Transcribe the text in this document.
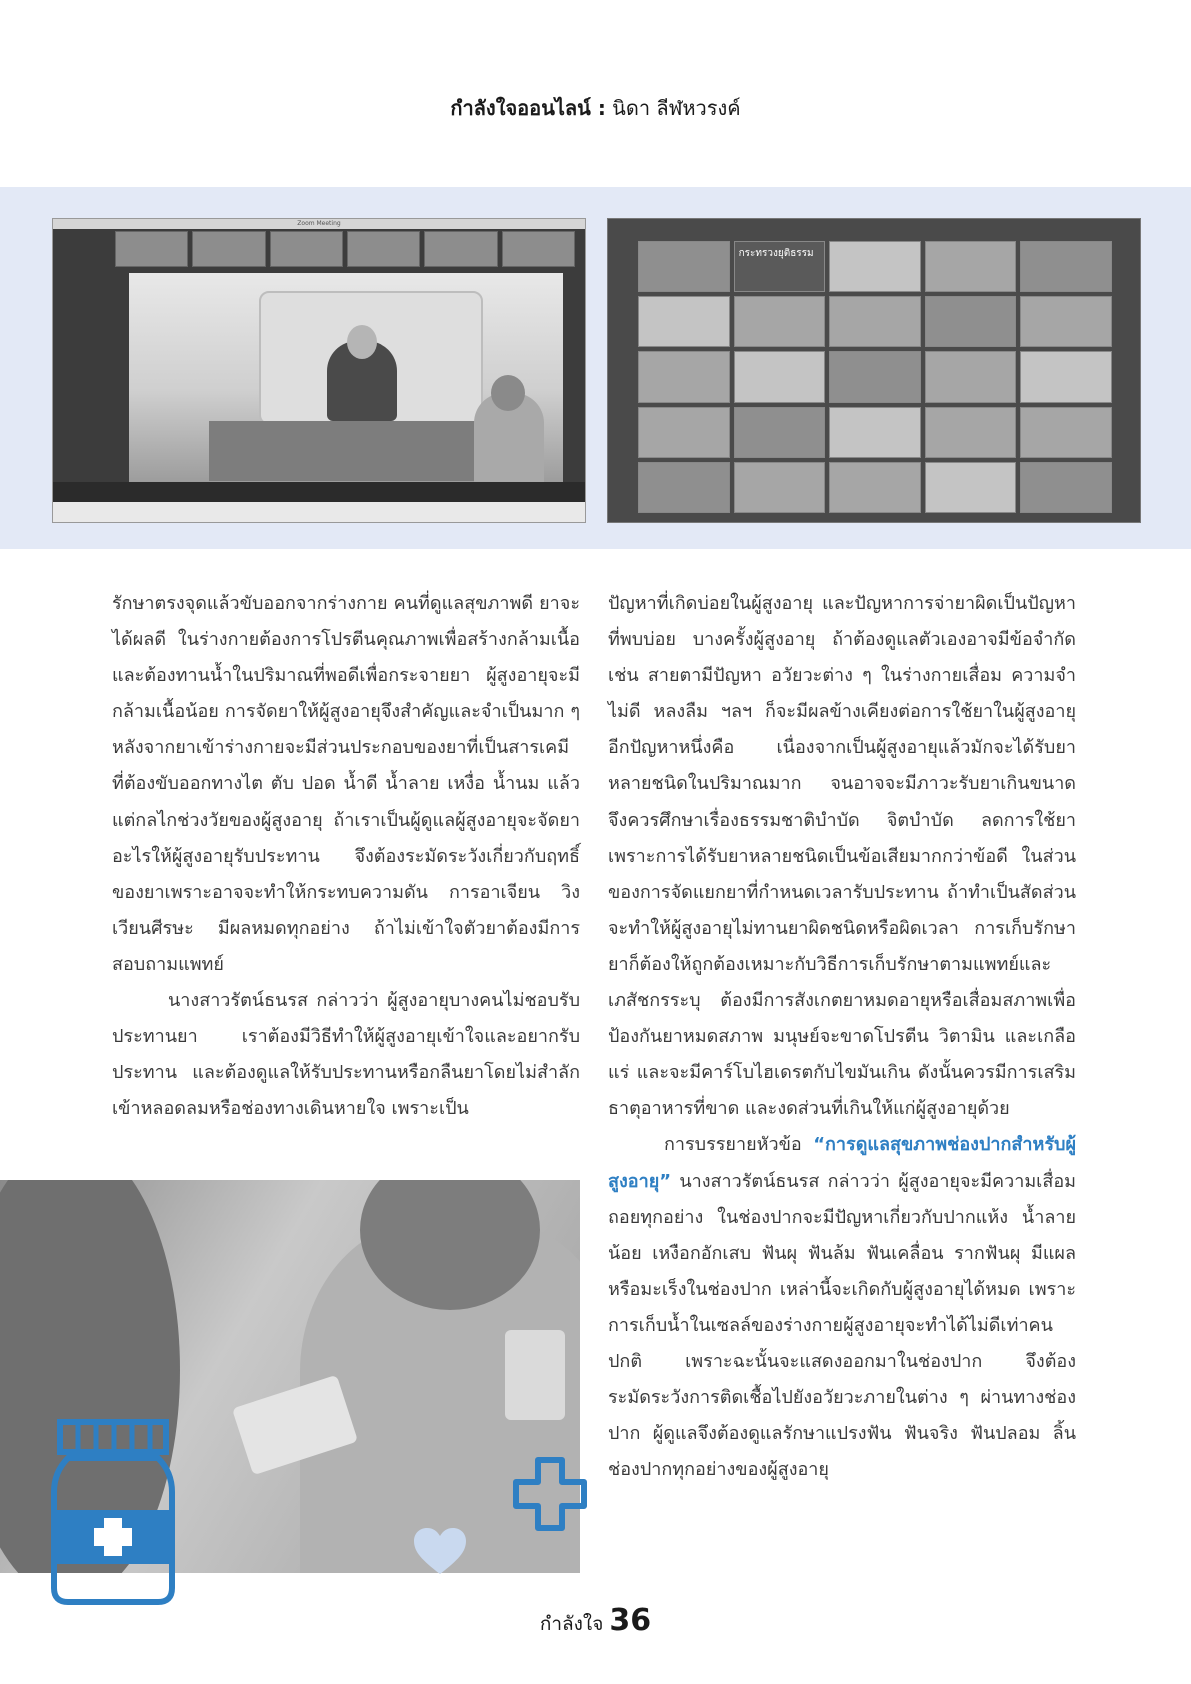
กำลังใจออนไลน์ : นิดา ลีฬหวรงค์
Zoom Meeting
กระทรวงยุติธรรม

รักษาตรงจุดแล้วขับออกจากร่างกาย คนที่ดูแลสุขภาพดี ยาจะได้ผลดี ในร่างกายต้องการโปรตีนคุณภาพเพื่อสร้างกล้ามเนื้อ และต้องทานน้ำในปริมาณที่พอดีเพื่อกระจายยา ผู้สูงอายุจะมีกล้ามเนื้อน้อย การจัดยาให้ผู้สูงอายุจึงสำคัญและจำเป็นมาก ๆ หลังจากยาเข้าร่างกายจะมีส่วนประกอบของยาที่เป็นสารเคมีที่ต้องขับออกทางไต ตับ ปอด น้ำดี น้ำลาย เหงื่อ น้ำนม แล้วแต่กลไกช่วงวัยของผู้สูงอายุ ถ้าเราเป็นผู้ดูแลผู้สูงอายุจะจัดยาอะไรให้ผู้สูงอายุรับประทาน จึงต้องระมัดระวังเกี่ยวกับฤทธิ์ของยาเพราะอาจจะทำให้กระทบความดัน การอาเจียน วิงเวียนศีรษะ มีผลหมดทุกอย่าง ถ้าไม่เข้าใจตัวยาต้องมีการสอบถามแพทย์

นางสาวรัตน์ธนรส กล่าวว่า ผู้สูงอายุบางคนไม่ชอบรับประทานยา เราต้องมีวิธีทำให้ผู้สูงอายุเข้าใจและอยากรับประทาน และต้องดูแลให้รับประทานหรือกลืนยาโดยไม่สำลักเข้าหลอดลมหรือช่องทางเดินหายใจ เพราะเป็น

ปัญหาที่เกิดบ่อยในผู้สูงอายุ และปัญหาการจ่ายาผิดเป็นปัญหาที่พบบ่อย บางครั้งผู้สูงอายุ ถ้าต้องดูแลตัวเองอาจมีข้อจำกัด เช่น สายตามีปัญหา อวัยวะต่าง ๆ ในร่างกายเสื่อม ความจำไม่ดี หลงลืม ฯลฯ ก็จะมีผลข้างเคียงต่อการใช้ยาในผู้สูงอายุ อีกปัญหาหนึ่งคือ เนื่องจากเป็นผู้สูงอายุแล้วมักจะได้รับยาหลายชนิดในปริมาณมาก จนอาจจะมีภาวะรับยาเกินขนาด จึงควรศึกษาเรื่องธรรมชาติบำบัด จิตบำบัด ลดการใช้ยา เพราะการได้รับยาหลายชนิดเป็นข้อเสียมากกว่าข้อดี ในส่วนของการจัดแยกยาที่กำหนดเวลารับประทาน ถ้าทำเป็นสัดส่วนจะทำให้ผู้สูงอายุไม่ทานยาผิดชนิดหรือผิดเวลา การเก็บรักษายาก็ต้องให้ถูกต้องเหมาะกับวิธีการเก็บรักษาตามแพทย์และเภสัชกรระบุ ต้องมีการสังเกตยาหมดอายุหรือเสื่อมสภาพเพื่อป้องกันยาหมดสภาพ มนุษย์จะขาดโปรตีน วิตามิน และเกลือแร่ และจะมีคาร์โบไฮเดรตกับไขมันเกิน ดังนั้นควรมีการเสริมธาตุอาหารที่ขาด และงดส่วนที่เกินให้แก่ผู้สูงอายุด้วย

การบรรยายหัวข้อ “การดูแลสุขภาพช่องปากสำหรับผู้สูงอายุ” นางสาวรัตน์ธนรส กล่าวว่า ผู้สูงอายุจะมีความเสื่อมถอยทุกอย่าง ในช่องปากจะมีปัญหาเกี่ยวกับปากแห้ง น้ำลายน้อย เหงือกอักเสบ ฟันผุ ฟันล้ม ฟันเคลื่อน รากฟันผุ มีแผล หรือมะเร็งในช่องปาก เหล่านี้จะเกิดกับผู้สูงอายุได้หมด เพราะการเก็บน้ำในเซลล์ของร่างกายผู้สูงอายุจะทำได้ไม่ดีเท่าคนปกติ เพราะฉะนั้นจะแสดงออกมาในช่องปาก จึงต้องระมัดระวังการติดเชื้อไปยังอวัยวะภายในต่าง ๆ ผ่านทางช่องปาก ผู้ดูแลจึงต้องดูแลรักษาแปรงฟัน ฟันจริง ฟันปลอม ลิ้น ช่องปากทุกอย่างของผู้สูงอายุ

กำลังใจ 36
